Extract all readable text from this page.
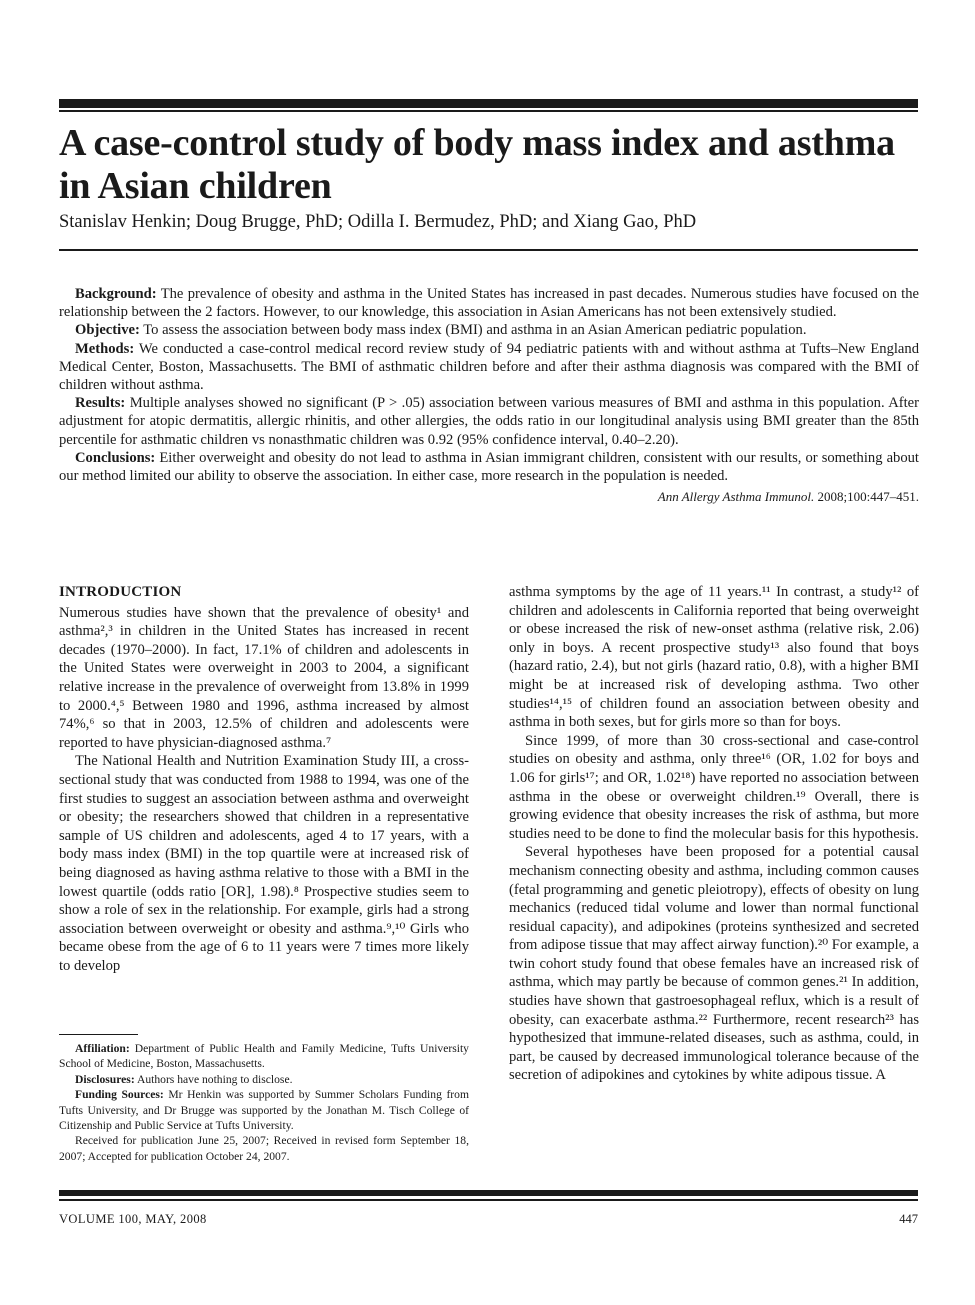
A case-control study of body mass index and asthma in Asian children

Stanislav Henkin; Doug Brugge, PhD; Odilla I. Bermudez, PhD; and Xiang Gao, PhD

Background: The prevalence of obesity and asthma in the United States has increased in past decades. Numerous studies have focused on the relationship between the 2 factors. However, to our knowledge, this association in Asian Americans has not been extensively studied.

Objective: To assess the association between body mass index (BMI) and asthma in an Asian American pediatric population.

Methods: We conducted a case-control medical record review study of 94 pediatric patients with and without asthma at Tufts–New England Medical Center, Boston, Massachusetts. The BMI of asthmatic children before and after their asthma diagnosis was compared with the BMI of children without asthma.

Results: Multiple analyses showed no significant (P > .05) association between various measures of BMI and asthma in this population. After adjustment for atopic dermatitis, allergic rhinitis, and other allergies, the odds ratio in our longitudinal analysis using BMI greater than the 85th percentile for asthmatic children vs nonasthmatic children was 0.92 (95% confidence interval, 0.40–2.20).

Conclusions: Either overweight and obesity do not lead to asthma in Asian immigrant children, consistent with our results, or something about our method limited our ability to observe the association. In either case, more research in the population is needed.

Ann Allergy Asthma Immunol. 2008;100:447–451.

INTRODUCTION

Numerous studies have shown that the prevalence of obesity¹ and asthma²,³ in children in the United States has increased in recent decades (1970–2000). In fact, 17.1% of children and adolescents in the United States were overweight in 2003 to 2004, a significant relative increase in the prevalence of overweight from 13.8% in 1999 to 2000.⁴,⁵ Between 1980 and 1996, asthma increased by almost 74%,⁶ so that in 2003, 12.5% of children and adolescents were reported to have physician-diagnosed asthma.⁷

The National Health and Nutrition Examination Study III, a cross-sectional study that was conducted from 1988 to 1994, was one of the first studies to suggest an association between asthma and overweight or obesity; the researchers showed that children in a representative sample of US children and adolescents, aged 4 to 17 years, with a body mass index (BMI) in the top quartile were at increased risk of being diagnosed as having asthma relative to those with a BMI in the lowest quartile (odds ratio [OR], 1.98).⁸ Prospective studies seem to show a role of sex in the relationship. For example, girls had a strong association between overweight or obesity and asthma.⁹,¹⁰ Girls who became obese from the age of 6 to 11 years were 7 times more likely to develop

asthma symptoms by the age of 11 years.¹¹ In contrast, a study¹² of children and adolescents in California reported that being overweight or obese increased the risk of new-onset asthma (relative risk, 2.06) only in boys. A recent prospective study¹³ also found that boys (hazard ratio, 2.4), but not girls (hazard ratio, 0.8), with a higher BMI might be at increased risk of developing asthma. Two other studies¹⁴,¹⁵ of children found an association between obesity and asthma in both sexes, but for girls more so than for boys.

Since 1999, of more than 30 cross-sectional and case-control studies on obesity and asthma, only three¹⁶ (OR, 1.02 for boys and 1.06 for girls¹⁷; and OR, 1.02¹⁸) have reported no association between asthma in the obese or overweight children.¹⁹ Overall, there is growing evidence that obesity increases the risk of asthma, but more studies need to be done to find the molecular basis for this hypothesis.

Several hypotheses have been proposed for a potential causal mechanism connecting obesity and asthma, including common causes (fetal programming and genetic pleiotropy), effects of obesity on lung mechanics (reduced tidal volume and lower than normal functional residual capacity), and adipokines (proteins synthesized and secreted from adipose tissue that may affect airway function).²⁰ For example, a twin cohort study found that obese females have an increased risk of asthma, which may partly be because of common genes.²¹ In addition, studies have shown that gastroesophageal reflux, which is a result of obesity, can exacerbate asthma.²² Furthermore, recent research²³ has hypothesized that immune-related diseases, such as asthma, could, in part, be caused by decreased immunological tolerance because of the secretion of adipokines and cytokines by white adipous tissue. A

Affiliation: Department of Public Health and Family Medicine, Tufts University School of Medicine, Boston, Massachusetts.

Disclosures: Authors have nothing to disclose.

Funding Sources: Mr Henkin was supported by Summer Scholars Funding from Tufts University, and Dr Brugge was supported by the Jonathan M. Tisch College of Citizenship and Public Service at Tufts University.

Received for publication June 25, 2007; Received in revised form September 18, 2007; Accepted for publication October 24, 2007.

VOLUME 100, MAY, 2008	447
